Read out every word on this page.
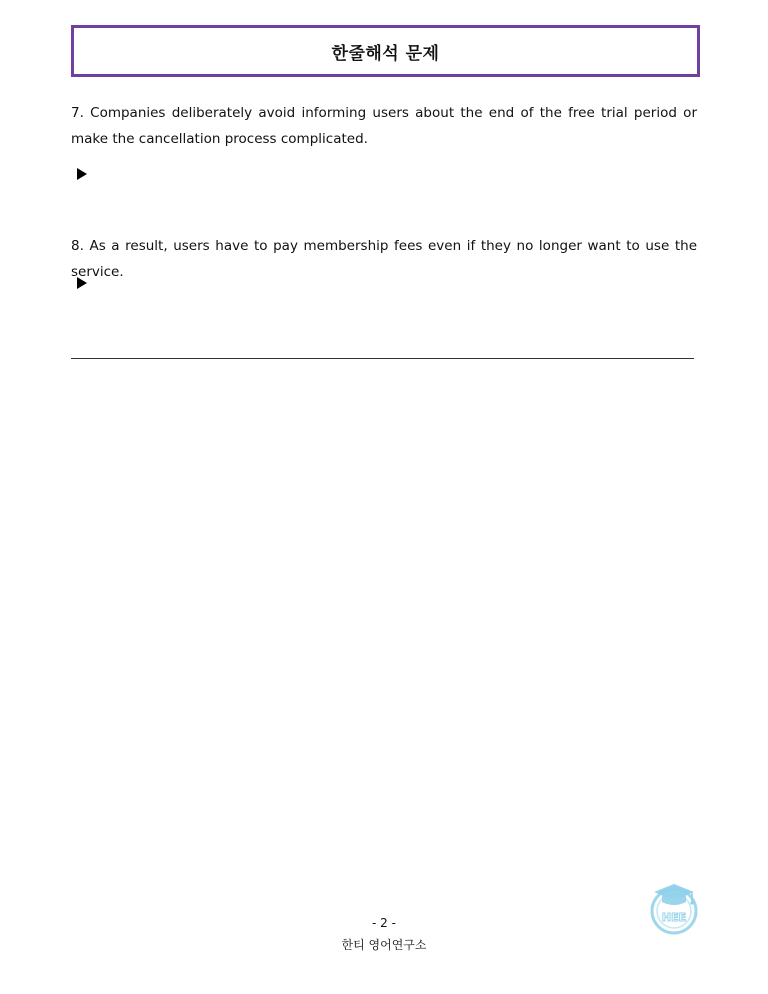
한줄해석 문제
7. Companies deliberately avoid informing users about the end of the free trial period or make the cancellation process complicated.
8. As a result, users have to pay membership fees even if they no longer want to use the service.
- 2 -
한티 영어연구소
HEE
